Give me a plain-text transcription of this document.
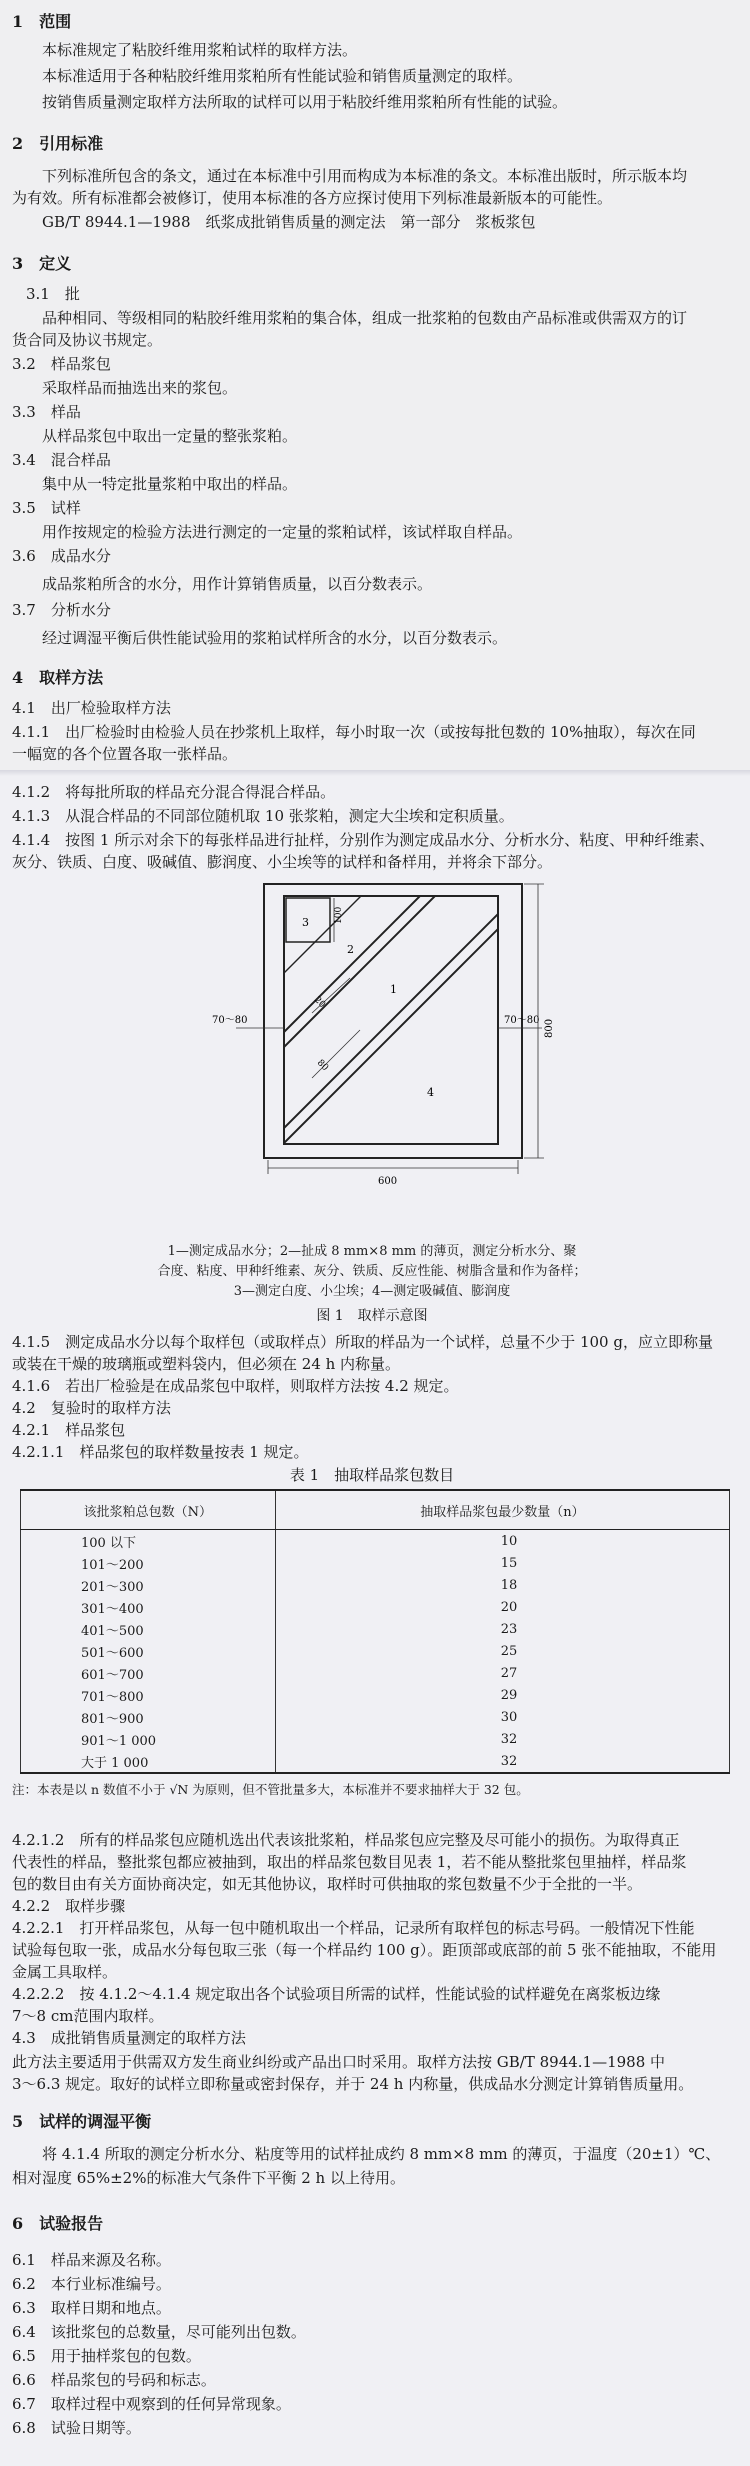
1　范围
本标准规定了粘胶纤维用浆粕试样的取样方法。
本标准适用于各种粘胶纤维用浆粕所有性能试验和销售质量测定的取样。
按销售质量测定取样方法所取的试样可以用于粘胶纤维用浆粕所有性能的试验。
2　引用标准
下列标准所包含的条文，通过在本标准中引用而构成为本标准的条文。本标准出版时，所示版本均
为有效。所有标准都会被修订，使用本标准的各方应探讨使用下列标准最新版本的可能性。
GB/T 8944.1—1988　纸浆成批销售质量的测定法　第一部分　浆板浆包
3　定义
3.1　批
品种相同、等级相同的粘胶纤维用浆粕的集合体，组成一批浆粕的包数由产品标准或供需双方的订
货合同及协议书规定。
3.2　样品浆包
采取样品而抽选出来的浆包。
3.3　样品
从样品浆包中取出一定量的整张浆粕。
3.4　混合样品
集中从一特定批量浆粕中取出的样品。
3.5　试样
用作按规定的检验方法进行测定的一定量的浆粕试样，该试样取自样品。
3.6　成品水分
成品浆粕所含的水分，用作计算销售质量，以百分数表示。
3.7　分析水分
经过调湿平衡后供性能试验用的浆粕试样所含的水分，以百分数表示。
4　取样方法
4.1　出厂检验取样方法
4.1.1　出厂检验时由检验人员在抄浆机上取样，每小时取一次（或按每批包数的 10%抽取），每次在同
一幅宽的各个位置各取一张样品。
4.1.2　将每批所取的样品充分混合得混合样品。
4.1.3　从混合样品的不同部位随机取 10 张浆粕，测定大尘埃和定积质量。
4.1.4　按图 1 所示对余下的每张样品进行扯样，分别作为测定成品水分、分析水分、粘度、甲种纤维素、
灰分、铁质、白度、吸碱值、膨润度、小尘埃等的试样和备样用，并将余下部分。
100
3
2
1
4
20
80
70～80	70～80
600
800
1—测定成品水分；2—扯成 8 mm×8 mm 的薄页，测定分析水分、聚
合度、粘度、甲种纤维素、灰分、铁质、反应性能、树脂含量和作为备样；
3—测定白度、小尘埃；4—测定吸碱值、膨润度
图 1　取样示意图
4.1.5　测定成品水分以每个取样包（或取样点）所取的样品为一个试样，总量不少于 100 g，应立即称量
或装在干燥的玻璃瓶或塑料袋内，但必须在 24 h 内称量。
4.1.6　若出厂检验是在成品浆包中取样，则取样方法按 4.2 规定。
4.2　复验时的取样方法
4.2.1　样品浆包
4.2.1.1　样品浆包的取样数量按表 1 规定。
表 1　抽取样品浆包数目
该批浆粕总包数（N）	抽取样品浆包最少数量（n）
100 以下	10
101～200	15
201～300	18
301～400	20
401～500	23
501～600	25
601～700	27
701～800	29
801～900	30
901～1 000	32
大于 1 000	32
注：本表是以 n 数值不小于 √N 为原则，但不管批量多大，本标准并不要求抽样大于 32 包。
4.2.1.2　所有的样品浆包应随机选出代表该批浆粕，样品浆包应完整及尽可能小的损伤。为取得真正
代表性的样品，整批浆包都应被抽到，取出的样品浆包数目见表 1，若不能从整批浆包里抽样，样品浆
包的数目由有关方面协商决定，如无其他协议，取样时可供抽取的浆包数量不少于全批的一半。
4.2.2　取样步骤
4.2.2.1　打开样品浆包，从每一包中随机取出一个样品，记录所有取样包的标志号码。一般情况下性能
试验每包取一张，成品水分每包取三张（每一个样品约 100 g）。距顶部或底部的前 5 张不能抽取，不能用
金属工具取样。
4.2.2.2　按 4.1.2～4.1.4 规定取出各个试验项目所需的试样，性能试验的试样避免在离浆板边缘
7～8 cm范围内取样。
4.3　成批销售质量测定的取样方法
此方法主要适用于供需双方发生商业纠纷或产品出口时采用。取样方法按 GB/T 8944.1—1988 中
3～6.3 规定。取好的试样立即称量或密封保存，并于 24 h 内称量，供成品水分测定计算销售质量用。
5　试样的调湿平衡
将 4.1.4 所取的测定分析水分、粘度等用的试样扯成约 8 mm×8 mm 的薄页，于温度（20±1）℃、
相对湿度 65%±2%的标准大气条件下平衡 2 h 以上待用。
6　试验报告
6.1　样品来源及名称。
6.2　本行业标准编号。
6.3　取样日期和地点。
6.4　该批浆包的总数量，尽可能列出包数。
6.5　用于抽样浆包的包数。
6.6　样品浆包的号码和标志。
6.7　取样过程中观察到的任何异常现象。
6.8　试验日期等。
